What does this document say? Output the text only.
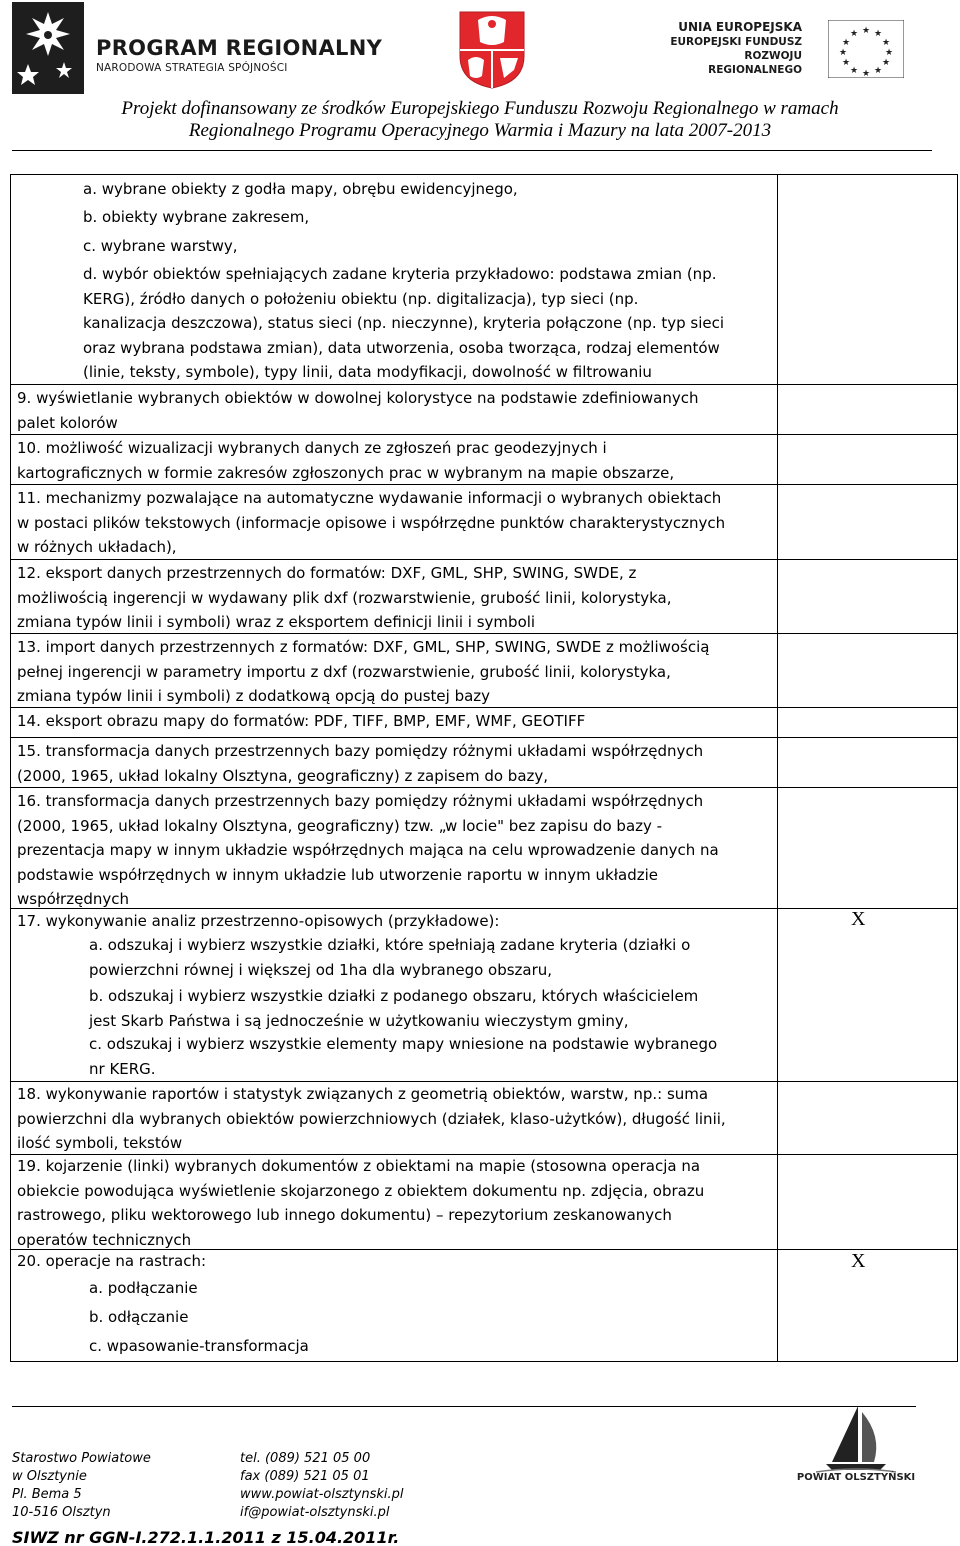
PROGRAM REGIONALNY
NARODOWA STRATEGIA SPÓJNOŚCI
UNIA EUROPEJSKA
EUROPEJSKI FUNDUSZ
ROZWOJU REGIONALNEGO
★ ★
★
★
★
★
★
★
★
★
★
★
Projekt dofinansowany ze środków Europejskiego Funduszu Rozwoju Regionalnego w ramach
Regionalnego Programu Operacyjnego Warmia i Mazury na lata 2007-2013
a. wybrane obiekty z godła mapy, obrębu ewidencyjnego,
b. obiekty wybrane zakresem,
c. wybrane warstwy,
d. wybór obiektów spełniających zadane kryteria przykładowo: podstawa zmian (np.
KERG), źródło danych o położeniu obiektu (np. digitalizacja), typ sieci (np.
kanalizacja deszczowa), status sieci (np. nieczynne), kryteria połączone (np. typ sieci
oraz wybrana podstawa zmian), data utworzenia, osoba tworząca, rodzaj elementów
(linie, teksty, symbole), typy linii, data modyfikacji, dowolność w filtrowaniu
9. wyświetlanie wybranych obiektów w dowolnej kolorystyce na podstawie zdefiniowanych
palet kolorów
10. możliwość wizualizacji wybranych danych ze zgłoszeń prac geodezyjnych i
kartograficznych w formie zakresów zgłoszonych prac w wybranym na mapie obszarze,
11. mechanizmy pozwalające na automatyczne wydawanie informacji o wybranych obiektach
w postaci plików tekstowych (informacje opisowe i współrzędne punktów charakterystycznych
w różnych układach),
12. eksport danych przestrzennych do formatów: DXF, GML, SHP, SWING, SWDE, z
możliwością ingerencji w wydawany plik dxf (rozwarstwienie, grubość linii, kolorystyka,
zmiana typów linii i symboli) wraz z eksportem definicji linii i symboli
13. import danych przestrzennych z formatów: DXF, GML, SHP, SWING, SWDE z możliwością
pełnej ingerencji w parametry importu z dxf (rozwarstwienie, grubość linii, kolorystyka,
zmiana typów linii i symboli) z dodatkową opcją do pustej bazy
14. eksport obrazu mapy do formatów: PDF, TIFF, BMP, EMF, WMF, GEOTIFF
15. transformacja danych przestrzennych bazy pomiędzy różnymi układami współrzędnych
(2000, 1965, układ lokalny Olsztyna, geograficzny) z zapisem do bazy,
16. transformacja danych przestrzennych bazy pomiędzy różnymi układami współrzędnych
(2000, 1965, układ lokalny Olsztyna, geograficzny) tzw. „w locie" bez zapisu do bazy -
prezentacja mapy w innym układzie współrzędnych mająca na celu wprowadzenie danych na
podstawie współrzędnych w innym układzie lub utworzenie raportu w innym układzie
współrzędnych
17. wykonywanie analiz przestrzenno-opisowych (przykładowe):	X
a. odszukaj i wybierz wszystkie działki, które spełniają zadane kryteria (działki o
powierzchni równej i większej od 1ha dla wybranego obszaru,
b. odszukaj i wybierz wszystkie działki z podanego obszaru, których właścicielem
jest Skarb Państwa i są jednocześnie w użytkowaniu wieczystym gminy,
c. odszukaj i wybierz wszystkie elementy mapy wniesione na podstawie wybranego
nr KERG.
18. wykonywanie raportów i statystyk związanych z geometrią obiektów, warstw, np.: suma
powierzchni dla wybranych obiektów powierzchniowych (działek, klaso-użytków), długość linii,
ilość symboli, tekstów
19. kojarzenie (linki) wybranych dokumentów z obiektami na mapie (stosowna operacja na
obiekcie powodująca wyświetlenie skojarzonego z obiektem dokumentu np. zdjęcia, obrazu
rastrowego, pliku wektorowego lub innego dokumentu) – repezytorium zeskanowanych
operatów technicznych
20. operacje na rastrach:	X
a. podłączanie
b. odłączanie
c. wpasowanie-transformacja
Starostwo Powiatowe
w Olsztynie
Pl. Bema 5
10-516 Olsztyn
tel. (089) 521 05 00
fax (089) 521 05 01
www.powiat-olsztynski.pl
if@powiat-olsztynski.pl
POWIAT OLSZTYŃSKI
SIWZ nr GGN-I.272.1.1.2011 z 15.04.2011r.
